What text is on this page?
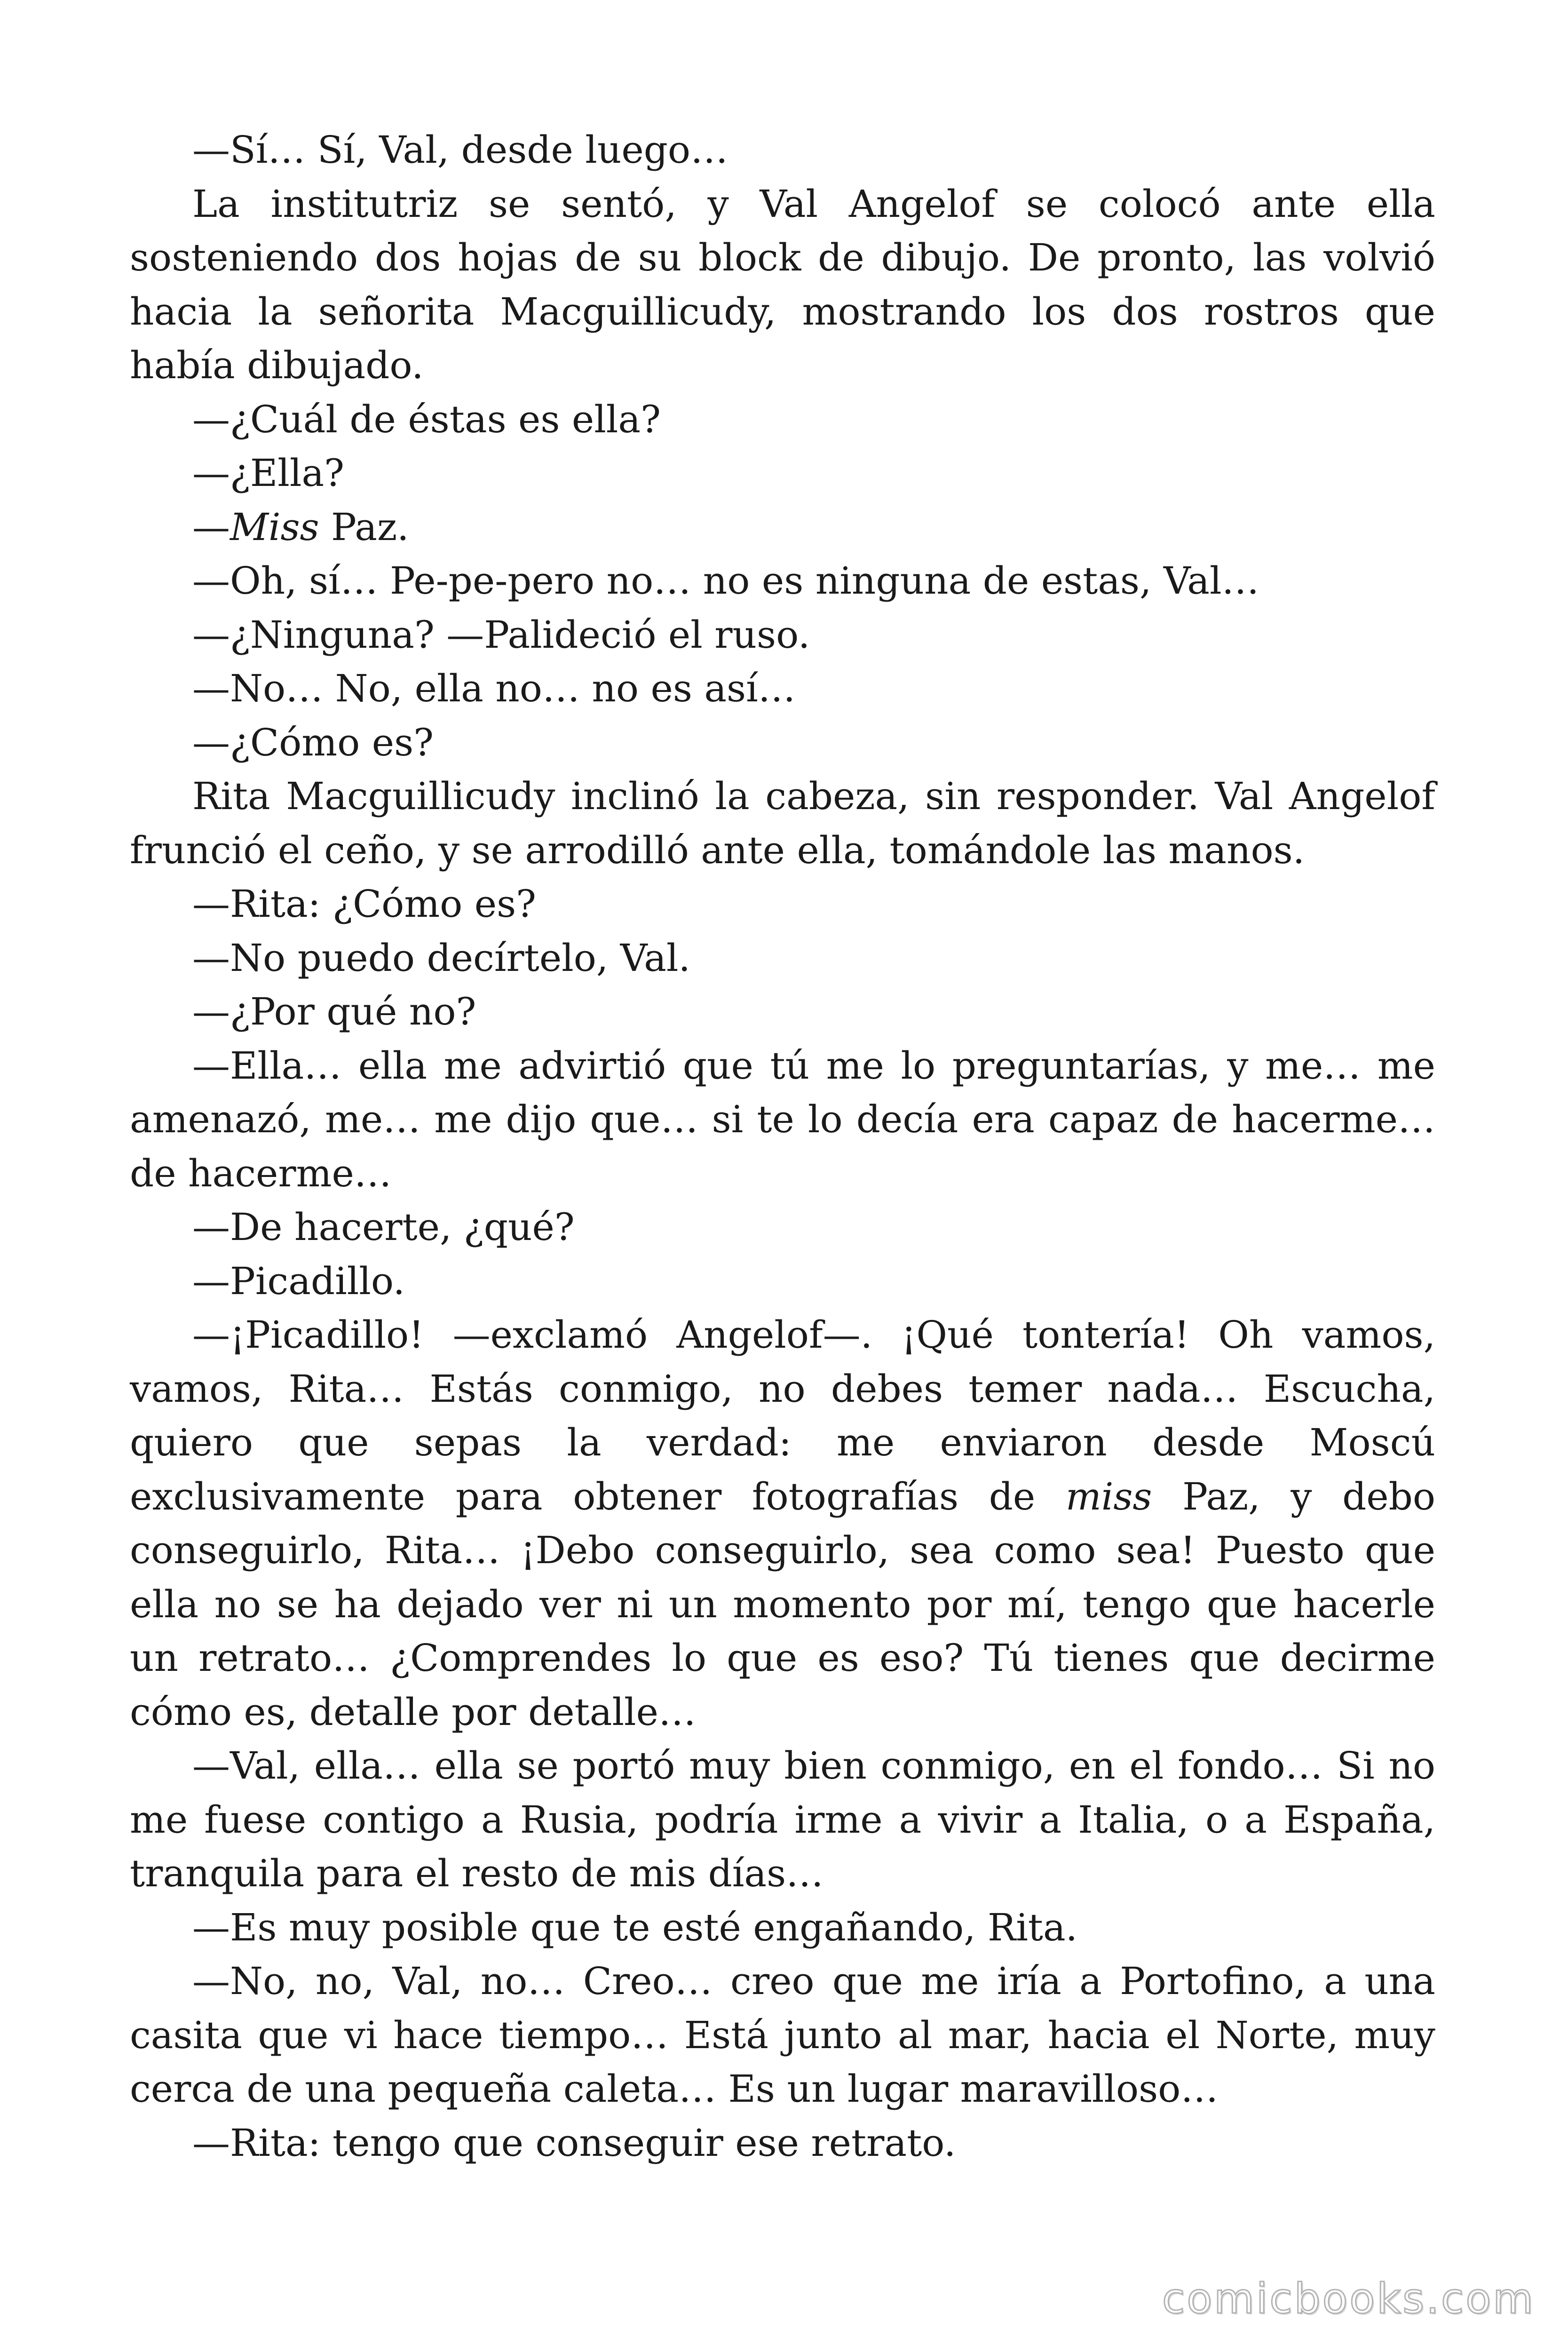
—Sí… Sí, Val, desde luego…

La institutriz se sentó, y Val Angelof se colocó ante ella sosteniendo dos hojas de su block de dibujo. De pronto, las volvió hacia la señorita Macguillicudy, mostrando los dos rostros que había dibujado.

—¿Cuál de éstas es ella?

—¿Ella?

—Miss Paz.

—Oh, sí… Pe-pe-pero no… no es ninguna de estas, Val…

—¿Ninguna? —Palideció el ruso.

—No… No, ella no… no es así…

—¿Cómo es?

Rita Macguillicudy inclinó la cabeza, sin responder. Val Angelof frunció el ceño, y se arrodilló ante ella, tomándole las manos.

—Rita: ¿Cómo es?

—No puedo decírtelo, Val.

—¿Por qué no?

—Ella… ella me advirtió que tú me lo preguntarías, y me… me amenazó, me… me dijo que… si te lo decía era capaz de hacerme… de hacerme…

—De hacerte, ¿qué?

—Picadillo.

—¡Picadillo! —exclamó Angelof—. ¡Qué tontería! Oh vamos, vamos, Rita… Estás conmigo, no debes temer nada… Escucha, quiero que sepas la verdad: me enviaron desde Moscú exclusivamente para obtener fotografías de miss Paz, y debo conseguirlo, Rita… ¡Debo conseguirlo, sea como sea! Puesto que ella no se ha dejado ver ni un momento por mí, tengo que hacerle un retrato… ¿Comprendes lo que es eso? Tú tienes que decirme cómo es, detalle por detalle…

—Val, ella… ella se portó muy bien conmigo, en el fondo… Si no me fuese contigo a Rusia, podría irme a vivir a Italia, o a España, tranquila para el resto de mis días…

—Es muy posible que te esté engañando, Rita.

—No, no, Val, no… Creo… creo que me iría a Portofino, a una casita que vi hace tiempo… Está junto al mar, hacia el Norte, muy cerca de una pequeña caleta… Es un lugar maravilloso…

—Rita: tengo que conseguir ese retrato.

comicbooks.com
